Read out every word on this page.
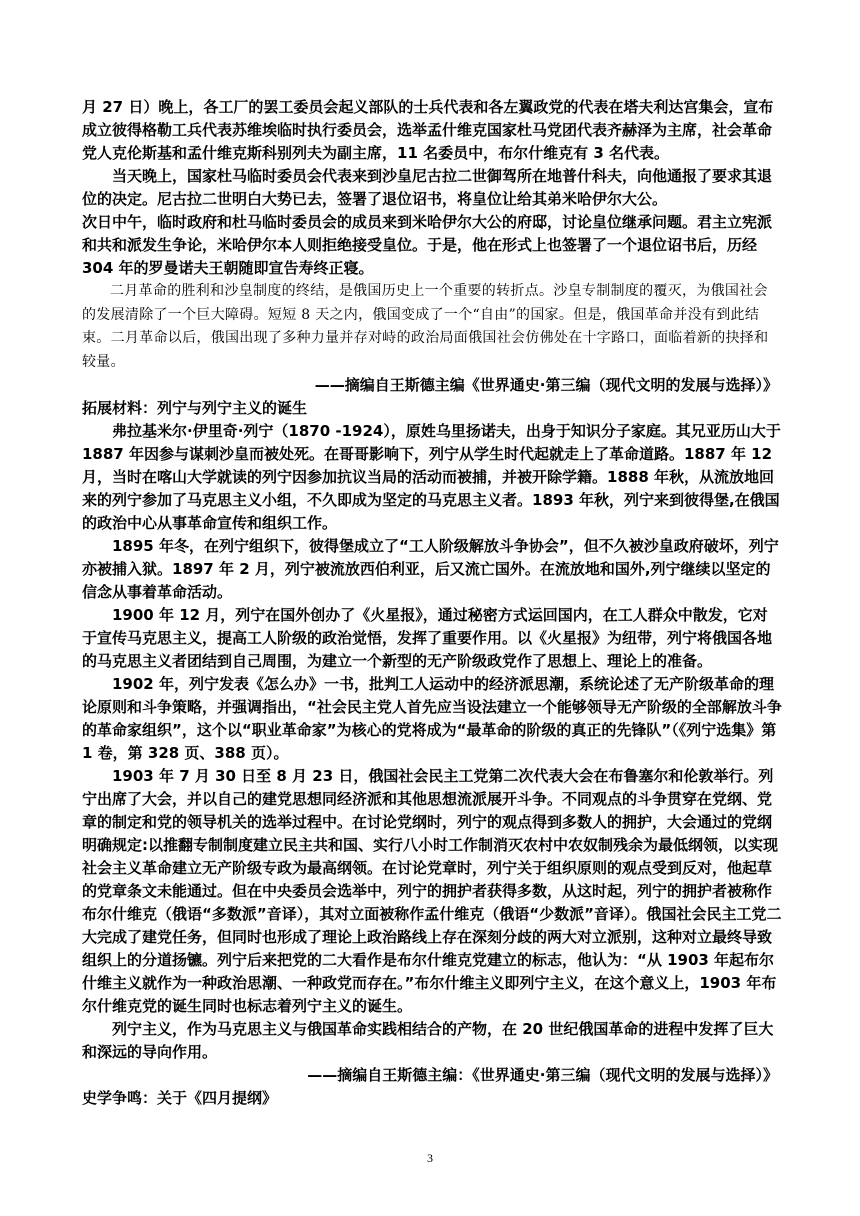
月 27 日）晚上，各工厂的罢工委员会起义部队的士兵代表和各左翼政党的代表在塔夫利达宫集会，宣布成立彼得格勒工兵代表苏维埃临时执行委员会，选举孟什维克国家杜马党团代表齐赫泽为主席，社会革命党人克伦斯基和孟什维克斯科别列夫为副主席，11 名委员中，布尔什维克有 3 名代表。

当天晚上，国家杜马临时委员会代表来到沙皇尼古拉二世御驾所在地普什科夫，向他通报了要求其退位的决定。尼古拉二世明白大势已去，签署了退位诏书，将皇位让给其弟米哈伊尔大公。

次日中午，临时政府和杜马临时委员会的成员来到米哈伊尔大公的府邸，讨论皇位继承问题。君主立宪派和共和派发生争论，米哈伊尔本人则拒绝接受皇位。于是，他在形式上也签署了一个退位诏书后，历经 304 年的罗曼诺夫王朝随即宣告寿终正寝。

二月革命的胜利和沙皇制度的终结，是俄国历史上一个重要的转折点。沙皇专制制度的覆灭，为俄国社会的发展清除了一个巨大障碍。短短 8 天之内，俄国变成了一个“自由”的国家。但是，俄国革命并没有到此结束。二月革命以后，俄国出现了多种力量并存对峙的政治局面俄国社会仿佛处在十字路口，面临着新的抉择和较量。

——摘编自王斯德主编《世界通史·第三编（现代文明的发展与选择）》

拓展材料：列宁与列宁主义的诞生

弗拉基米尔·伊里奇·列宁（1870 -1924），原姓乌里扬诺夫，出身于知识分子家庭。其兄亚历山大于 1887 年因参与谋刺沙皇而被处死。在哥哥影响下，列宁从学生时代起就走上了革命道路。1887 年 12 月，当时在喀山大学就读的列宁因参加抗议当局的活动而被捕，并被开除学籍。1888 年秋，从流放地回来的列宁参加了马克思主义小组，不久即成为坚定的马克思主义者。1893 年秋，列宁来到彼得堡,在俄国的政治中心从事革命宣传和组织工作。

1895 年冬，在列宁组织下，彼得堡成立了“工人阶级解放斗争协会”，但不久被沙皇政府破坏，列宁亦被捕入狱。1897 年 2 月，列宁被流放西伯利亚，后又流亡国外。在流放地和国外,列宁继续以坚定的信念从事着革命活动。

1900 年 12 月，列宁在国外创办了《火星报》，通过秘密方式运回国内，在工人群众中散发，它对于宣传马克思主义，提高工人阶级的政治觉悟，发挥了重要作用。以《火星报》为纽带，列宁将俄国各地的马克思主义者团结到自己周围，为建立一个新型的无产阶级政党作了思想上、理论上的准备。

1902 年，列宁发表《怎么办》一书，批判工人运动中的经济派思潮，系统论述了无产阶级革命的理论原则和斗争策略，并强调指出，“社会民主党人首先应当设法建立一个能够领导无产阶级的全部解放斗争的革命家组织”，这个以“职业革命家”为核心的党将成为“最革命的阶级的真正的先锋队”（《列宁选集》第 1 卷，第 328 页、388 页）。

1903 年 7 月 30 日至 8 月 23 日，俄国社会民主工党第二次代表大会在布鲁塞尔和伦敦举行。列宁出席了大会，并以自己的建党思想同经济派和其他思想流派展开斗争。不同观点的斗争贯穿在党纲、党章的制定和党的领导机关的选举过程中。在讨论党纲时，列宁的观点得到多数人的拥护，大会通过的党纲明确规定:以推翻专制制度建立民主共和国、实行八小时工作制消灭农村中农奴制残余为最低纲领，以实现社会主义革命建立无产阶级专政为最高纲领。在讨论党章时，列宁关于组织原则的观点受到反对，他起草的党章条文未能通过。但在中央委员会选举中，列宁的拥护者获得多数，从这时起，列宁的拥护者被称作布尔什维克（俄语“多数派”音译），其对立面被称作孟什维克（俄语“少数派”音译）。俄国社会民主工党二大完成了建党任务，但同时也形成了理论上政治路线上存在深刻分歧的两大对立派别，这种对立最终导致组织上的分道扬镳。列宁后来把党的二大看作是布尔什维克党建立的标志，他认为：“从 1903 年起布尔什维主义就作为一种政治思潮、一种政党而存在。”布尔什维主义即列宁主义，在这个意义上，1903 年布尔什维克党的诞生同时也标志着列宁主义的诞生。

列宁主义，作为马克思主义与俄国革命实践相结合的产物，在 20 世纪俄国革命的进程中发挥了巨大和深远的导向作用。

——摘编自王斯德主编：《世界通史·第三编（现代文明的发展与选择）》

史学争鸣：关于《四月提纲》

3
